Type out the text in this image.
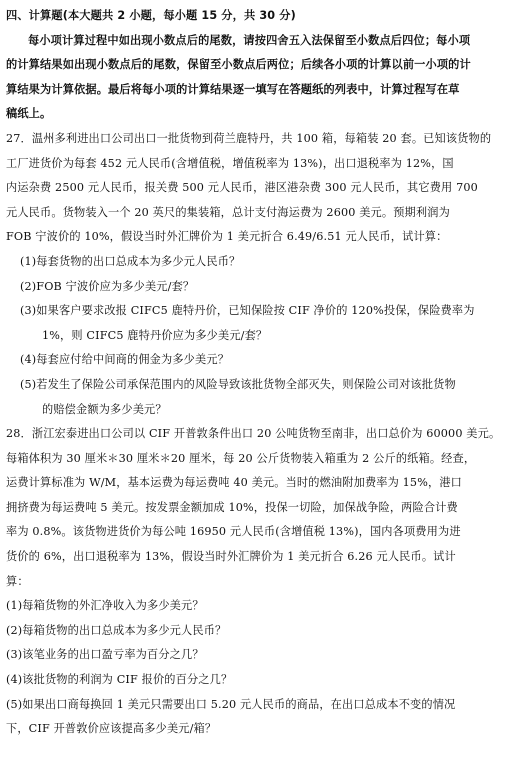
四、计算题(本大题共 2 小题，每小题 15 分，共 30 分)
每小项计算过程中如出现小数点后的尾数，请按四舍五入法保留至小数点后四位；每小项
的计算结果如出现小数点后的尾数，保留至小数点后两位；后续各小项的计算以前一小项的计
算结果为计算依据。最后将每小项的计算结果逐一填写在答题纸的列表中，计算过程写在草
稿纸上。
27．温州多利进出口公司出口一批货物到荷兰鹿特丹，共 100 箱，每箱装 20 套。已知该货物的
工厂进货价为每套 452 元人民币(含增值税，增值税率为 13%)，出口退税率为 12%，国
内运杂费 2500 元人民币，报关费 500 元人民币，港区港杂费 300 元人民币，其它费用 700
元人民币。货物装入一个 20 英尺的集装箱，总计支付海运费为 2600 美元。预期利润为
FOB 宁波价的 10%，假设当时外汇牌价为 1 美元折合 6.49/6.51 元人民币，试计算：
(1)每套货物的出口总成本为多少元人民币？
(2)FOB 宁波价应为多少美元/套？
(3)如果客户要求改报 CIFC5 鹿特丹价，已知保险按 CIF 净价的 120%投保，保险费率为
1%，则 CIFC5 鹿特丹价应为多少美元/套？
(4)每套应付给中间商的佣金为多少美元？
(5)若发生了保险公司承保范围内的风险导致该批货物全部灭失，则保险公司对该批货物
的赔偿金额为多少美元？
28．浙江宏泰进出口公司以 CIF 开普敦条件出口 20 公吨货物至南非，出口总价为 60000 美元。
每箱体积为 30 厘米＊30 厘米＊20 厘米，每 20 公斤货物装入箱重为 2 公斤的纸箱。经查，
运费计算标准为 W/M，基本运费为每运费吨 40 美元。当时的燃油附加费率为 15%，港口
拥挤费为每运费吨 5 美元。按发票金额加成 10%，投保一切险，加保战争险，两险合计费
率为 0.8%。该货物进货价为每公吨 16950 元人民币(含增值税 13%)，国内各项费用为进
货价的 6%，出口退税率为 13%，假设当时外汇牌价为 1 美元折合 6.26 元人民币。试计
算：
(1)每箱货物的外汇净收入为多少美元？
(2)每箱货物的出口总成本为多少元人民币？
(3)该笔业务的出口盈亏率为百分之几？
(4)该批货物的利润为 CIF 报价的百分之几？
(5)如果出口商每换回 1 美元只需要出口 5.20 元人民币的商品，在出口总成本不变的情况
下，CIF 开普敦价应该提高多少美元/箱？
